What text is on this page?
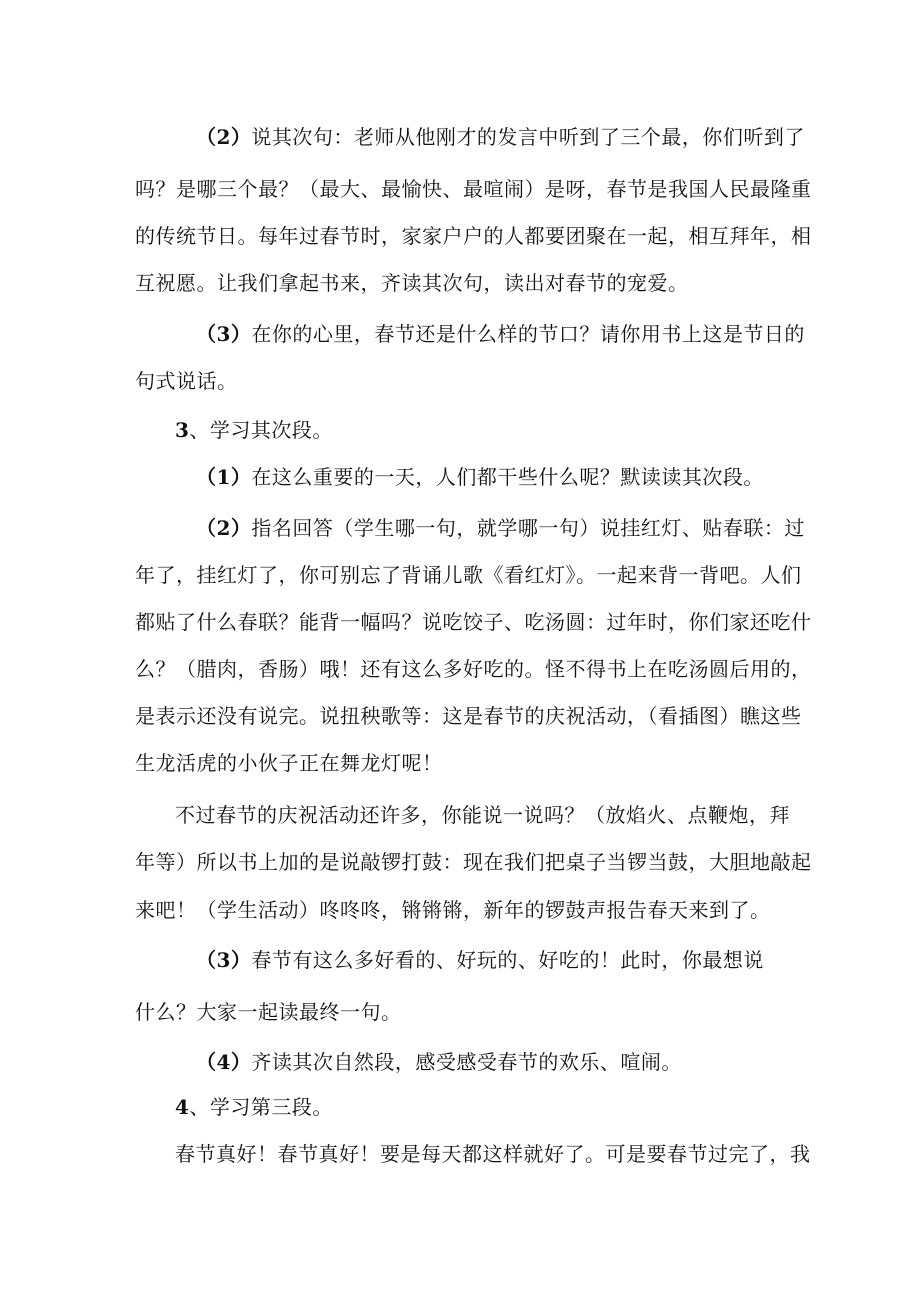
（2）说其次句：老师从他刚才的发言中听到了三个最，你们听到了
吗？是哪三个最？（最大、最愉快、最喧闹）是呀，春节是我国人民最隆重
的传统节日。每年过春节时，家家户户的人都要团聚在一起，相互拜年，相
互祝愿。让我们拿起书来，齐读其次句，读出对春节的宠爱。
（3）在你的心里，春节还是什么样的节口？请你用书上这是节日的
句式说话。
3、学习其次段。
（1）在这么重要的一天，人们都干些什么呢？默读读其次段。
（2）指名回答（学生哪一句，就学哪一句）说挂红灯、贴春联：过
年了，挂红灯了，你可别忘了背诵儿歌《看红灯》。一起来背一背吧。人们
都贴了什么春联？能背一幅吗？说吃饺子、吃汤圆：过年时，你们家还吃什
么？（腊肉，香肠）哦！还有这么多好吃的。怪不得书上在吃汤圆后用的，
是表示还没有说完。说扭秧歌等：这是春节的庆祝活动，（看插图）瞧这些
生龙活虎的小伙子正在舞龙灯呢！
不过春节的庆祝活动还许多，你能说一说吗？（放焰火、点鞭炮，拜
年等）所以书上加的是说敲锣打鼓：现在我们把桌子当锣当鼓，大胆地敲起
来吧！（学生活动）咚咚咚，锵锵锵，新年的锣鼓声报告春天来到了。
（3）春节有这么多好看的、好玩的、好吃的！此时，你最想说
什么？大家一起读最终一句。
（4）齐读其次自然段，感受感受春节的欢乐、喧闹。
4、学习第三段。
春节真好！春节真好！要是每天都这样就好了。可是要春节过完了，我
